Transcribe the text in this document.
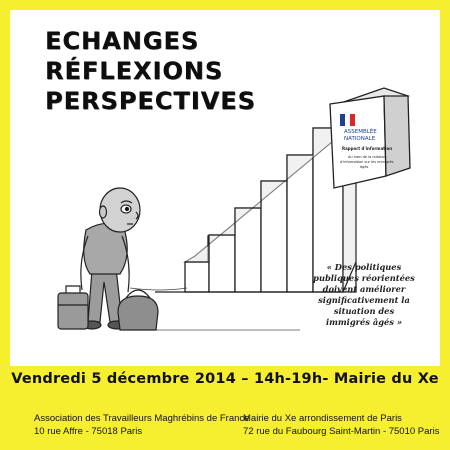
ECHANGES
RÉFLEXIONS
PERSPECTIVES
ASSEMBLÉE
NATIONALE
Rapport d'information
Au nom de la mission
d'information sur les immigrés
âgés
« Des politiques publiques réorientées doivent améliorer significativement la situation des immigrés âgés »
Vendredi 5 décembre 2014 – 14h-19h- Mairie du Xe
Association des Travailleurs Maghrébins de France
10 rue Affre - 75018 Paris
Mairie du Xe arrondissement de Paris
72 rue du Faubourg Saint-Martin - 75010 Paris
